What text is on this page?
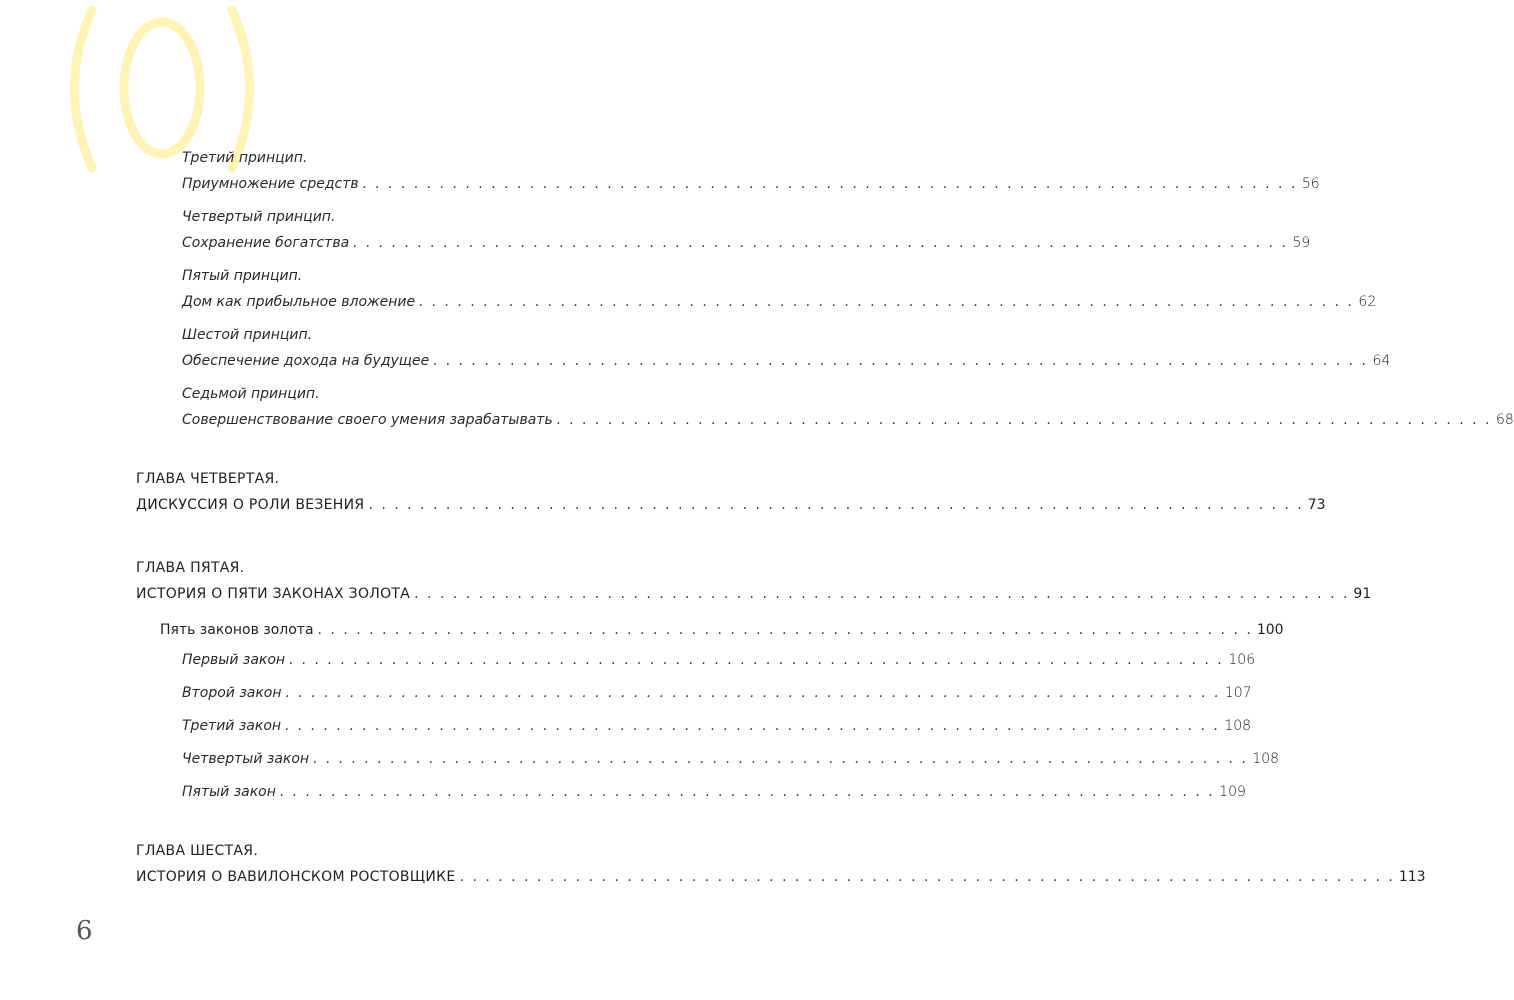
Третий принцип.
Приумножение средств . . . . . . . . . . . . . . . . . . . . . . . . . . . . . . . . . . . . . . . . . . . . . . . . . . . . . . . . . . . . . . . . . . . . . . . . . 56
Четвертый принцип.
Сохранение богатства . . . . . . . . . . . . . . . . . . . . . . . . . . . . . . . . . . . . . . . . . . . . . . . . . . . . . . . . . . . . . . . . . . . . . . . . . 59
Пятый принцип.
Дом как прибыльное вложение . . . . . . . . . . . . . . . . . . . . . . . . . . . . . . . . . . . . . . . . . . . . . . . . . . . . . . . . . . . . . . . . . . . . . . . . . 62
Шестой принцип.
Обеспечение дохода на будущее . . . . . . . . . . . . . . . . . . . . . . . . . . . . . . . . . . . . . . . . . . . . . . . . . . . . . . . . . . . . . . . . . . . . . . . . . 64
Седьмой принцип.
Совершенствование своего умения зарабатывать . . . . . . . . . . . . . . . . . . . . . . . . . . . . . . . . . . . . . . . . . . . . . . . . . . . . . . . . . . . . . . . . . . . . . . . . . 68
ГЛАВА ЧЕТВЕРТАЯ.
ДИСКУССИЯ О РОЛИ ВЕЗЕНИЯ . . . . . . . . . . . . . . . . . . . . . . . . . . . . . . . . . . . . . . . . . . . . . . . . . . . . . . . . . . . . . . . . . . . . . . . . . 73
ГЛАВА ПЯТАЯ.
ИСТОРИЯ О ПЯТИ ЗАКОНАХ ЗОЛОТА . . . . . . . . . . . . . . . . . . . . . . . . . . . . . . . . . . . . . . . . . . . . . . . . . . . . . . . . . . . . . . . . . . . . . . . . . 91
Пять законов золота . . . . . . . . . . . . . . . . . . . . . . . . . . . . . . . . . . . . . . . . . . . . . . . . . . . . . . . . . . . . . . . . . . . . . . . . . 100
Первый закон . . . . . . . . . . . . . . . . . . . . . . . . . . . . . . . . . . . . . . . . . . . . . . . . . . . . . . . . . . . . . . . . . . . . . . . . . 106
Второй закон . . . . . . . . . . . . . . . . . . . . . . . . . . . . . . . . . . . . . . . . . . . . . . . . . . . . . . . . . . . . . . . . . . . . . . . . . 107
Третий закон . . . . . . . . . . . . . . . . . . . . . . . . . . . . . . . . . . . . . . . . . . . . . . . . . . . . . . . . . . . . . . . . . . . . . . . . . 108
Четвертый закон . . . . . . . . . . . . . . . . . . . . . . . . . . . . . . . . . . . . . . . . . . . . . . . . . . . . . . . . . . . . . . . . . . . . . . . . . 108
Пятый закон . . . . . . . . . . . . . . . . . . . . . . . . . . . . . . . . . . . . . . . . . . . . . . . . . . . . . . . . . . . . . . . . . . . . . . . . . 109
ГЛАВА ШЕСТАЯ.
ИСТОРИЯ О ВАВИЛОНСКОМ РОСТОВЩИКЕ . . . . . . . . . . . . . . . . . . . . . . . . . . . . . . . . . . . . . . . . . . . . . . . . . . . . . . . . . . . . . . . . . . . . . . . . . 113
6
